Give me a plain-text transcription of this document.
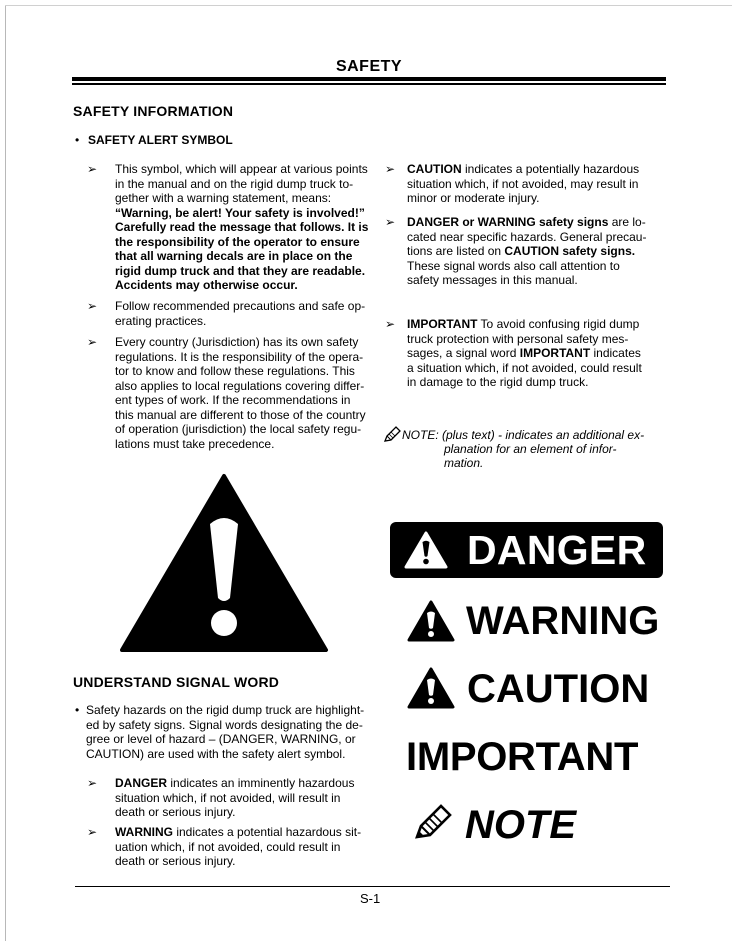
SAFETY
SAFETY INFORMATION
• SAFETY ALERT SYMBOL
➢ This symbol, which will appear at various points
in the manual and on the rigid dump truck to-
gether with a warning statement, means:
“Warning, be alert! Your safety is involved!”
Carefully read the message that follows. It is
the responsibility of the operator to ensure
that all warning decals are in place on the
rigid dump truck and that they are readable.
Accidents may otherwise occur.
➢ Follow recommended precautions and safe op-
erating practices.
➢ Every country (Jurisdiction) has its own safety
regulations. It is the responsibility of the opera-
tor to know and follow these regulations. This
also applies to local regulations covering differ-
ent types of work. If the recommendations in
this manual are different to those of the country
of operation (jurisdiction) the local safety regu-
lations must take precedence.
UNDERSTAND SIGNAL WORD
• Safety hazards on the rigid dump truck are highlight-
ed by safety signs. Signal words designating the de-
gree or level of hazard – (DANGER, WARNING, or
CAUTION) are used with the safety alert symbol.
➢ DANGER indicates an imminently hazardous
situation which, if not avoided, will result in
death or serious injury.
➢ WARNING indicates a potential hazardous sit-
uation which, if not avoided, could result in
death or serious injury.
➢ CAUTION indicates a potentially hazardous
situation which, if not avoided, may result in
minor or moderate injury.
➢ DANGER or WARNING safety signs are lo-
cated near specific hazards. General precau-
tions are listed on CAUTION safety signs.
These signal words also call attention to
safety messages in this manual.
➢ IMPORTANT To avoid confusing rigid dump
truck protection with personal safety mes-
sages, a signal word IMPORTANT indicates
a situation which, if not avoided, could result
in damage to the rigid dump truck.
NOTE: (plus text) - indicates an additional ex-
planation for an element of infor-
mation.
DANGER
WARNING
CAUTION
IMPORTANT
NOTE
S-1
